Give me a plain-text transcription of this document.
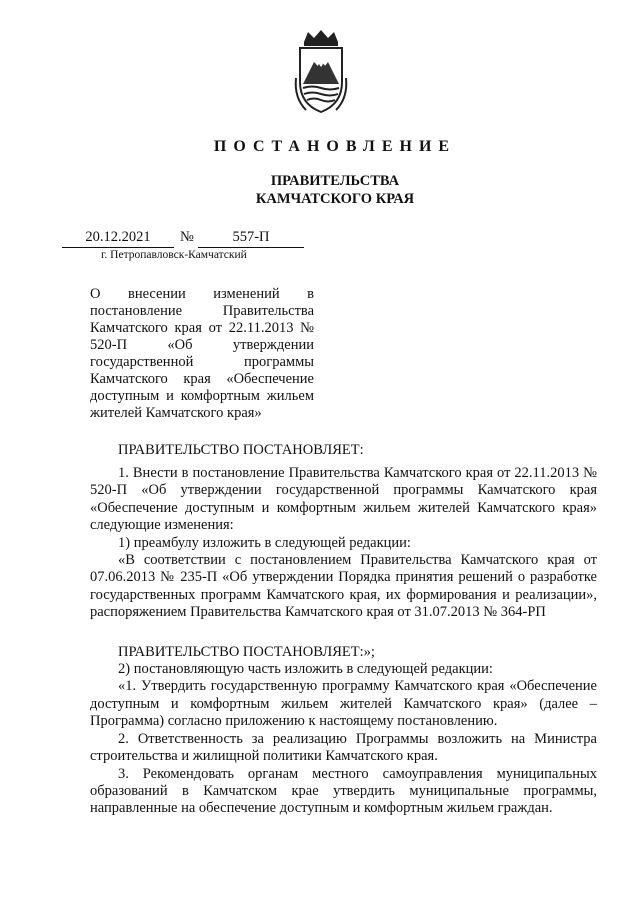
ПОСТАНОВЛЕНИЕ
ПРАВИТЕЛЬСТВА
КАМЧАТСКОГО КРАЯ
20.12.2021	№	557-П
г. Петропавловск-Камчатский
О внесении изменений в постановление Правительства Камчатского края от 22.11.2013 № 520-П «Об утверждении государственной программы Камчатского края «Обеспечение доступным и комфортным жильем жителей Камчатского края»
ПРАВИТЕЛЬСТВО ПОСТАНОВЛЯЕТ:

1. Внести в постановление Правительства Камчатского края от 22.11.2013 № 520-П «Об утверждении государственной программы Камчатского края «Обеспечение доступным и комфортным жильем жителей Камчатского края» следующие изменения:

1) преамбулу изложить в следующей редакции:

«В соответствии с постановлением Правительства Камчатского края от 07.06.2013 № 235-П «Об утверждении Порядка принятия решений о разработке государственных программ Камчатского края, их формирования и реализации», распоряжением Правительства Камчатского края от 31.07.2013 № 364-РП

ПРАВИТЕЛЬСТВО ПОСТАНОВЛЯЕТ:»;

2) постановляющую часть изложить в следующей редакции:

«1. Утвердить государственную программу Камчатского края «Обеспечение доступным и комфортным жильем жителей Камчатского края» (далее – Программа) согласно приложению к настоящему постановлению.

2. Ответственность за реализацию Программы возложить на Министра строительства и жилищной политики Камчатского края.

3. Рекомендовать органам местного самоуправления муниципальных образований в Камчатском крае утвердить муниципальные программы, направленные на обеспечение доступным и комфортным жильем граждан.
